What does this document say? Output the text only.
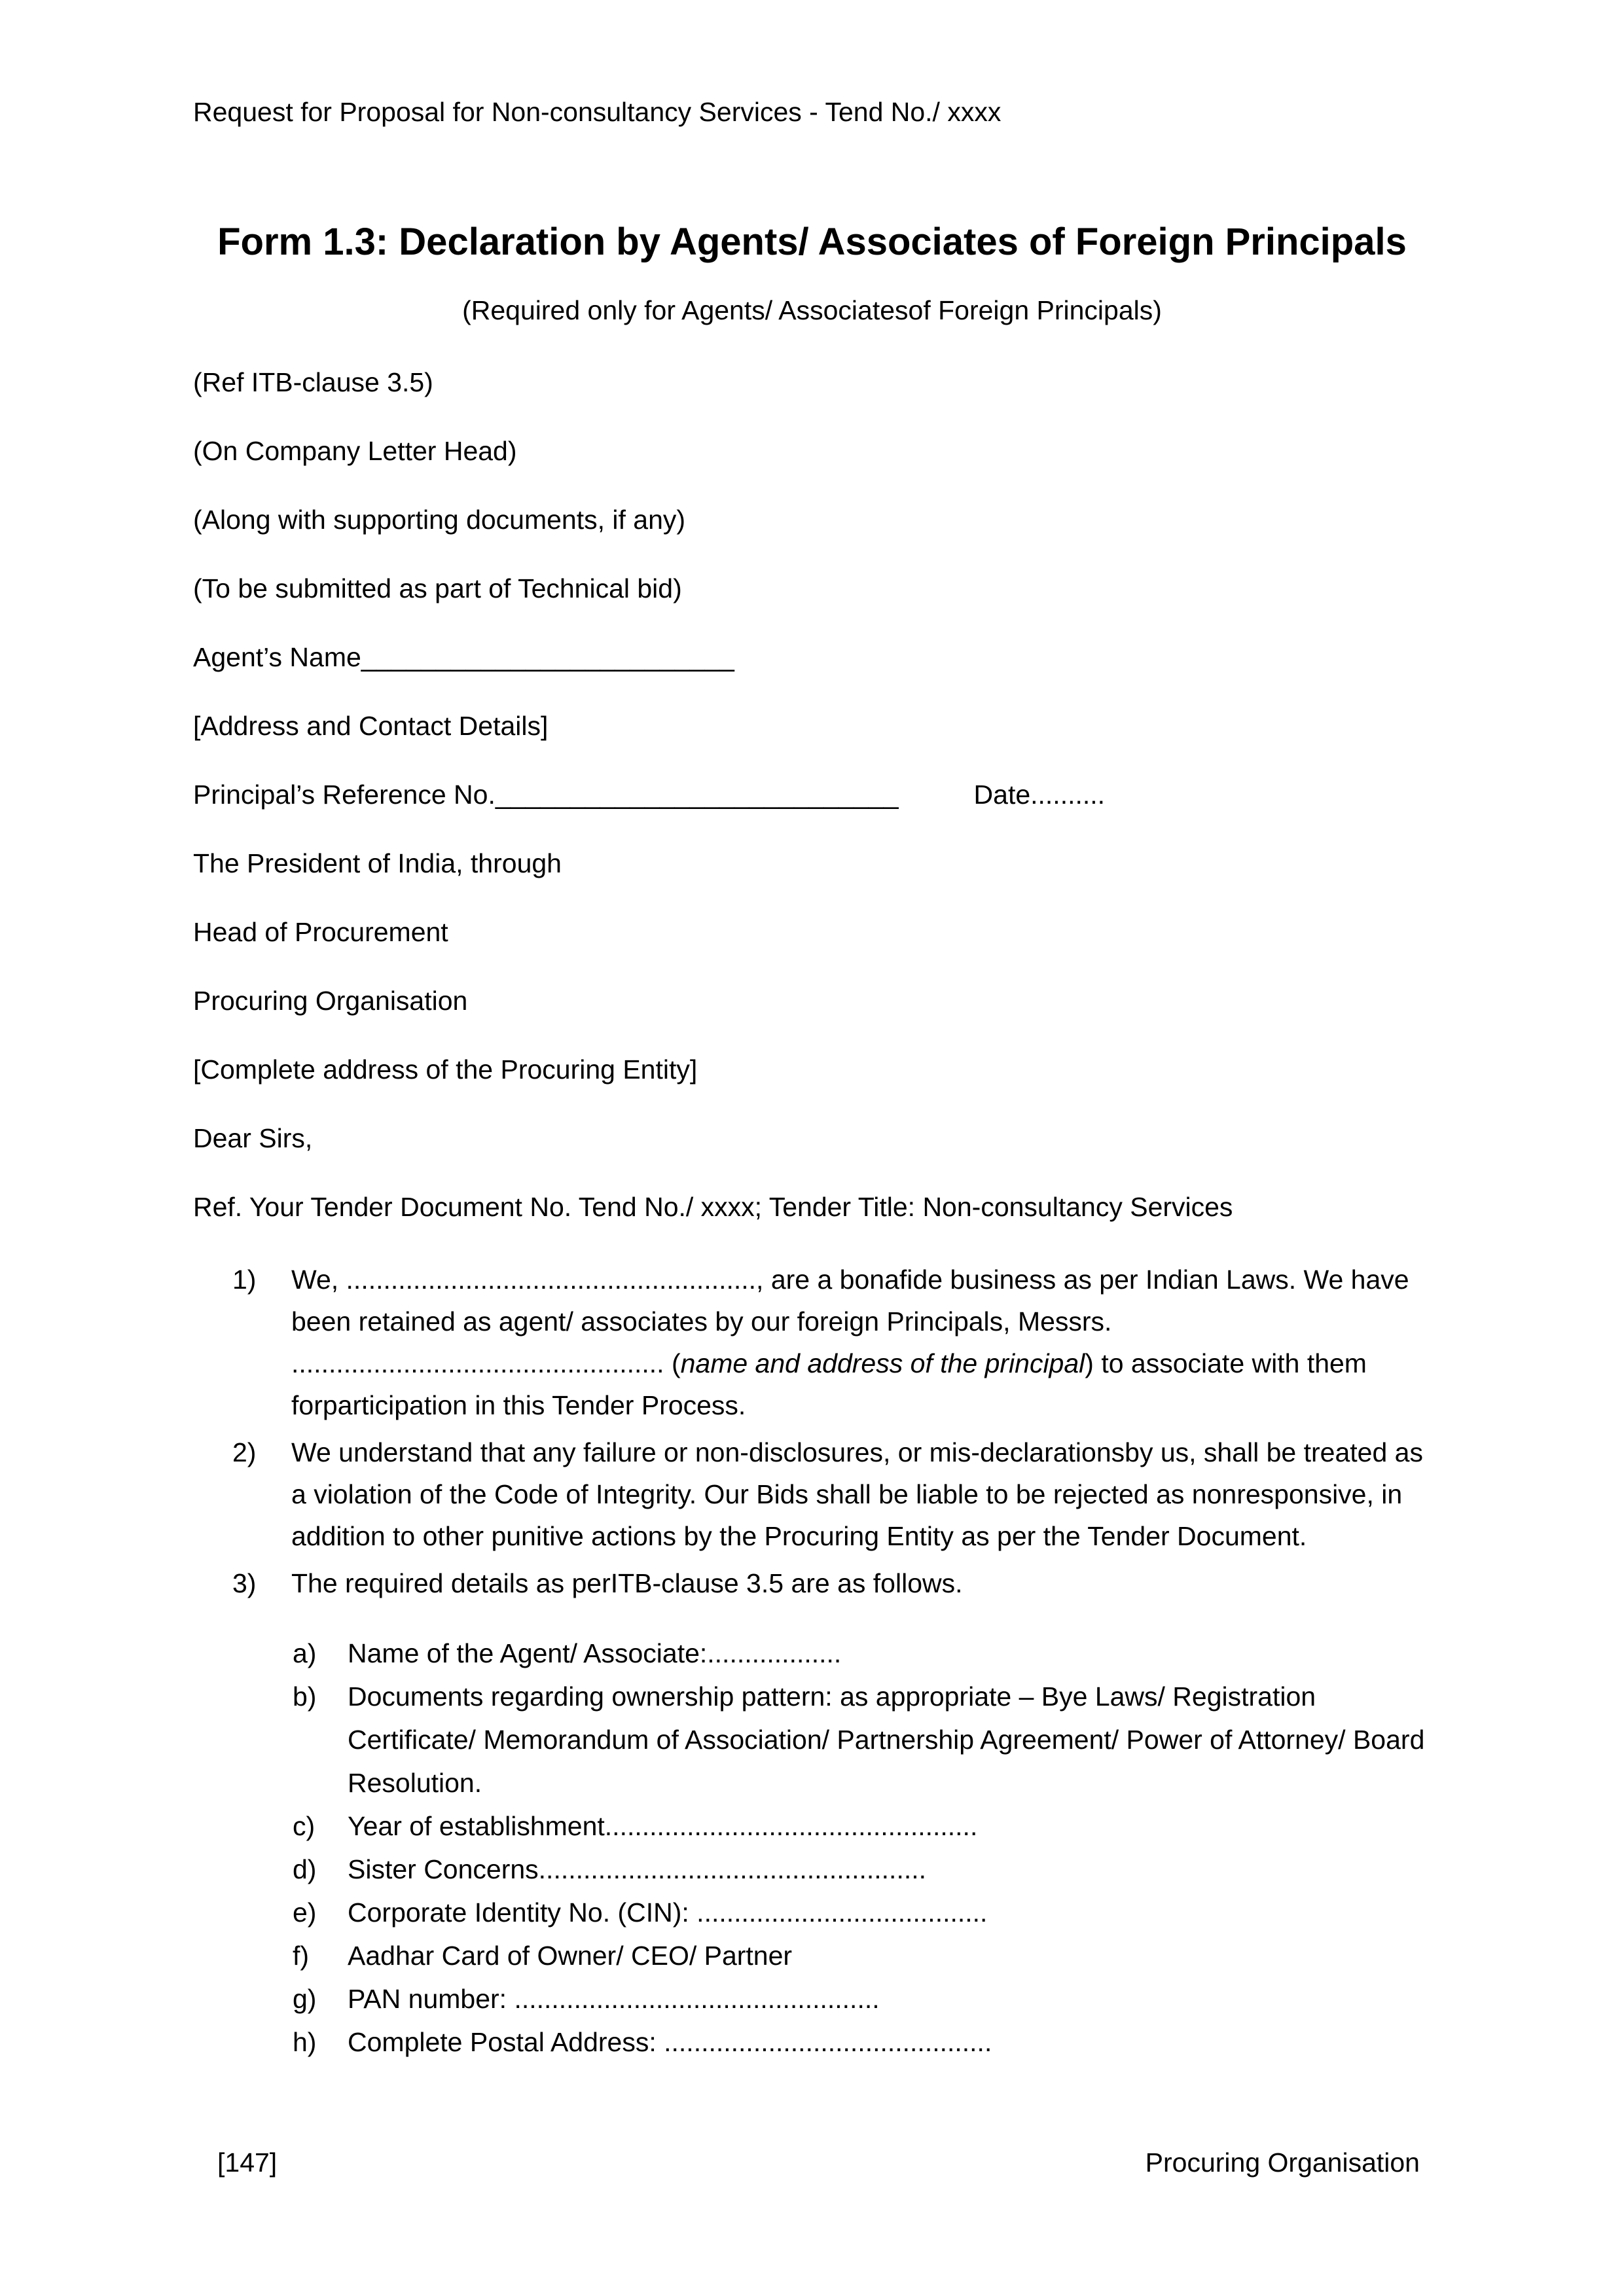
Request for Proposal for Non-consultancy Services - Tend No./ xxxx
Form 1.3: Declaration by Agents/ Associates of Foreign Principals
(Required only for Agents/ Associatesof Foreign Principals)

(Ref ITB-clause 3.5)

(On Company Letter Head)

(Along with supporting documents, if any)

(To be submitted as part of Technical bid)

Agent’s Name_________________________

[Address and Contact Details]

Principal’s Reference No.___________________________	Date..........

The President of India, through

Head of Procurement

Procuring Organisation

[Complete address of the Procuring Entity]

Dear Sirs,

Ref. Your Tender Document No. Tend No./ xxxx; Tender Title: Non-consultancy Services

1) We, ......................................................., are a bonafide business as per Indian Laws. We have been retained as agent/ associates by our foreign Principals, Messrs. .................................................. (name and address of the principal) to associate with them forparticipation in this Tender Process.
2) We understand that any failure or non-disclosures, or mis-declarationsby us, shall be treated as a violation of the Code of Integrity. Our Bids shall be liable to be rejected as nonresponsive, in addition to other punitive actions by the Procuring Entity as per the Tender Document.
3) The required details as perITB-clause 3.5 are as follows.
a) Name of the Agent/ Associate:..................
b) Documents regarding ownership pattern: as appropriate – Bye Laws/ Registration Certificate/ Memorandum of Association/ Partnership Agreement/ Power of Attorney/ Board Resolution.
c) Year of establishment..................................................
d) Sister Concerns....................................................
e) Corporate Identity No. (CIN): .......................................
f) Aadhar Card of Owner/ CEO/ Partner
g) PAN number: .................................................
h) Complete Postal Address: ............................................
[147]	Procuring Organisation
